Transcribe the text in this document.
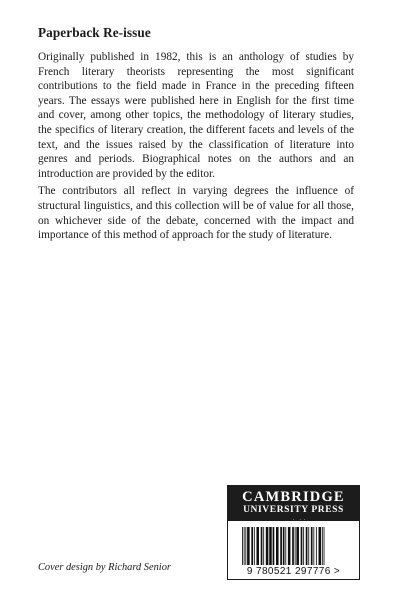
Paperback Re-issue

Originally published in 1982, this is an anthology of studies by French literary theorists representing the most significant contributions to the field made in France in the preceding fifteen years. The essays were published here in English for the first time and cover, among other topics, the methodology of literary studies, the specifics of literary creation, the different facets and levels of the text, and the issues raised by the classification of literature into genres and periods. Biographical notes on the authors and an introduction are provided by the editor.

The contributors all reflect in varying degrees the influence of structural linguistics, and this collection will be of value for all those, on whichever side of the debate, concerned with the impact and importance of this method of approach for the study of literature.

CAMBRIDGE
UNIVERSITY PRESS
9 780521 297776 >
Cover design by Richard Senior
